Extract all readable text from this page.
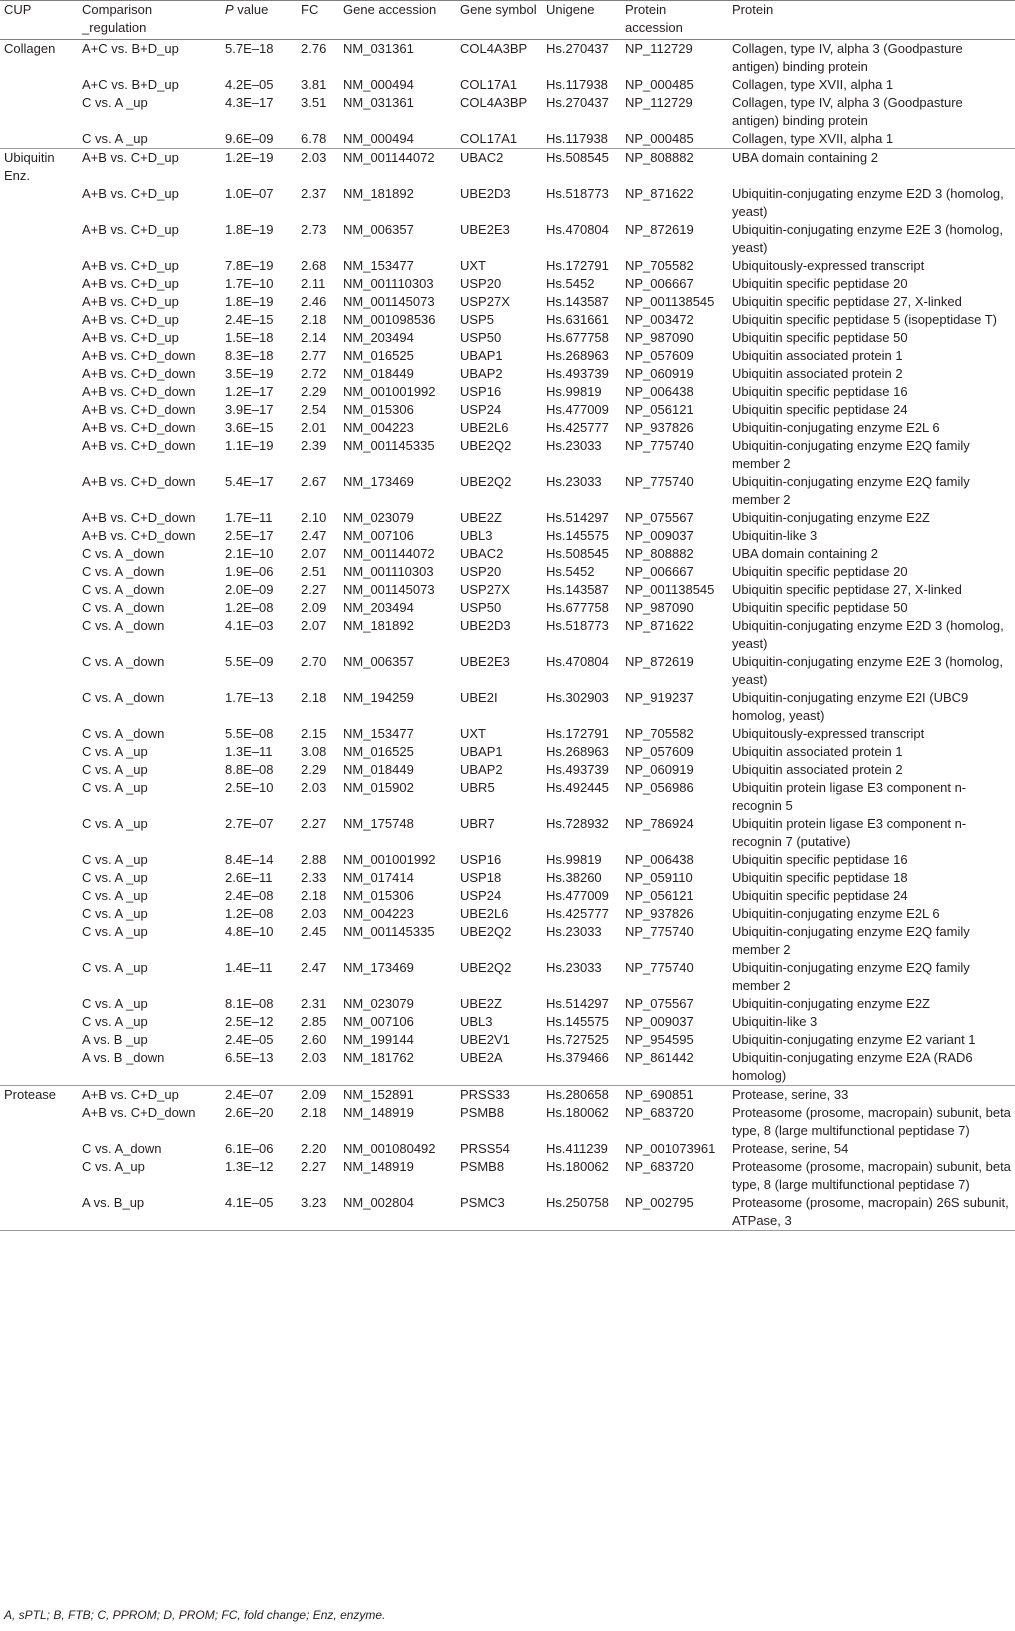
CUP	Comparison _regulation	P value	FC	Gene accession	Gene symbol	Unigene	Protein accession	Protein
Collagen	A+C vs. B+D_up	5.7E–18	2.76	NM_031361	COL4A3BP	Hs.270437	NP_112729	Collagen, type IV, alpha 3 (Goodpasture antigen) binding protein
	A+C vs. B+D_up	4.2E–05	3.81	NM_000494	COL17A1	Hs.117938	NP_000485	Collagen, type XVII, alpha 1
	C vs. A _up	4.3E–17	3.51	NM_031361	COL4A3BP	Hs.270437	NP_112729	Collagen, type IV, alpha 3 (Goodpasture antigen) binding protein
	C vs. A _up	9.6E–09	6.78	NM_000494	COL17A1	Hs.117938	NP_000485	Collagen, type XVII, alpha 1
Ubiquitin Enz.	A+B vs. C+D_up	1.2E–19	2.03	NM_001144072	UBAC2	Hs.508545	NP_808882	UBA domain containing 2
	A+B vs. C+D_up	1.0E–07	2.37	NM_181892	UBE2D3	Hs.518773	NP_871622	Ubiquitin-conjugating enzyme E2D 3 (homolog, yeast)
	A+B vs. C+D_up	1.8E–19	2.73	NM_006357	UBE2E3	Hs.470804	NP_872619	Ubiquitin-conjugating enzyme E2E 3 (homolog, yeast)
	A+B vs. C+D_up	7.8E–19	2.68	NM_153477	UXT	Hs.172791	NP_705582	Ubiquitously-expressed transcript
	A+B vs. C+D_up	1.7E–10	2.11	NM_001110303	USP20	Hs.5452	NP_006667	Ubiquitin specific peptidase 20
	A+B vs. C+D_up	1.8E–19	2.46	NM_001145073	USP27X	Hs.143587	NP_001138545	Ubiquitin specific peptidase 27, X-linked
	A+B vs. C+D_up	2.4E–15	2.18	NM_001098536	USP5	Hs.631661	NP_003472	Ubiquitin specific peptidase 5 (isopeptidase T)
	A+B vs. C+D_up	1.5E–18	2.14	NM_203494	USP50	Hs.677758	NP_987090	Ubiquitin specific peptidase 50
	A+B vs. C+D_down	8.3E–18	2.77	NM_016525	UBAP1	Hs.268963	NP_057609	Ubiquitin associated protein 1
	A+B vs. C+D_down	3.5E–19	2.72	NM_018449	UBAP2	Hs.493739	NP_060919	Ubiquitin associated protein 2
	A+B vs. C+D_down	1.2E–17	2.29	NM_001001992	USP16	Hs.99819	NP_006438	Ubiquitin specific peptidase 16
	A+B vs. C+D_down	3.9E–17	2.54	NM_015306	USP24	Hs.477009	NP_056121	Ubiquitin specific peptidase 24
	A+B vs. C+D_down	3.6E–15	2.01	NM_004223	UBE2L6	Hs.425777	NP_937826	Ubiquitin-conjugating enzyme E2L 6
	A+B vs. C+D_down	1.1E–19	2.39	NM_001145335	UBE2Q2	Hs.23033	NP_775740	Ubiquitin-conjugating enzyme E2Q family member 2
	A+B vs. C+D_down	5.4E–17	2.67	NM_173469	UBE2Q2	Hs.23033	NP_775740	Ubiquitin-conjugating enzyme E2Q family member 2
	A+B vs. C+D_down	1.7E–11	2.10	NM_023079	UBE2Z	Hs.514297	NP_075567	Ubiquitin-conjugating enzyme E2Z
	A+B vs. C+D_down	2.5E–17	2.47	NM_007106	UBL3	Hs.145575	NP_009037	Ubiquitin-like 3
	C vs. A _down	2.1E–10	2.07	NM_001144072	UBAC2	Hs.508545	NP_808882	UBA domain containing 2
	C vs. A _down	1.9E–06	2.51	NM_001110303	USP20	Hs.5452	NP_006667	Ubiquitin specific peptidase 20
	C vs. A _down	2.0E–09	2.27	NM_001145073	USP27X	Hs.143587	NP_001138545	Ubiquitin specific peptidase 27, X-linked
	C vs. A _down	1.2E–08	2.09	NM_203494	USP50	Hs.677758	NP_987090	Ubiquitin specific peptidase 50
	C vs. A _down	4.1E–03	2.07	NM_181892	UBE2D3	Hs.518773	NP_871622	Ubiquitin-conjugating enzyme E2D 3 (homolog, yeast)
	C vs. A _down	5.5E–09	2.70	NM_006357	UBE2E3	Hs.470804	NP_872619	Ubiquitin-conjugating enzyme E2E 3 (homolog, yeast)
	C vs. A _down	1.7E–13	2.18	NM_194259	UBE2I	Hs.302903	NP_919237	Ubiquitin-conjugating enzyme E2I (UBC9 homolog, yeast)
	C vs. A _down	5.5E–08	2.15	NM_153477	UXT	Hs.172791	NP_705582	Ubiquitously-expressed transcript
	C vs. A _up	1.3E–11	3.08	NM_016525	UBAP1	Hs.268963	NP_057609	Ubiquitin associated protein 1
	C vs. A _up	8.8E–08	2.29	NM_018449	UBAP2	Hs.493739	NP_060919	Ubiquitin associated protein 2
	C vs. A _up	2.5E–10	2.03	NM_015902	UBR5	Hs.492445	NP_056986	Ubiquitin protein ligase E3 component n-recognin 5
	C vs. A _up	2.7E–07	2.27	NM_175748	UBR7	Hs.728932	NP_786924	Ubiquitin protein ligase E3 component n-recognin 7 (putative)
	C vs. A _up	8.4E–14	2.88	NM_001001992	USP16	Hs.99819	NP_006438	Ubiquitin specific peptidase 16
	C vs. A _up	2.6E–11	2.33	NM_017414	USP18	Hs.38260	NP_059110	Ubiquitin specific peptidase 18
	C vs. A _up	2.4E–08	2.18	NM_015306	USP24	Hs.477009	NP_056121	Ubiquitin specific peptidase 24
	C vs. A _up	1.2E–08	2.03	NM_004223	UBE2L6	Hs.425777	NP_937826	Ubiquitin-conjugating enzyme E2L 6
	C vs. A _up	4.8E–10	2.45	NM_001145335	UBE2Q2	Hs.23033	NP_775740	Ubiquitin-conjugating enzyme E2Q family member 2
	C vs. A _up	1.4E–11	2.47	NM_173469	UBE2Q2	Hs.23033	NP_775740	Ubiquitin-conjugating enzyme E2Q family member 2
	C vs. A _up	8.1E–08	2.31	NM_023079	UBE2Z	Hs.514297	NP_075567	Ubiquitin-conjugating enzyme E2Z
	C vs. A _up	2.5E–12	2.85	NM_007106	UBL3	Hs.145575	NP_009037	Ubiquitin-like 3
	A vs. B _up	2.4E–05	2.60	NM_199144	UBE2V1	Hs.727525	NP_954595	Ubiquitin-conjugating enzyme E2 variant 1
	A vs. B _down	6.5E–13	2.03	NM_181762	UBE2A	Hs.379466	NP_861442	Ubiquitin-conjugating enzyme E2A (RAD6 homolog)
Protease	A+B vs. C+D_up	2.4E–07	2.09	NM_152891	PRSS33	Hs.280658	NP_690851	Protease, serine, 33
	A+B vs. C+D_down	2.6E–20	2.18	NM_148919	PSMB8	Hs.180062	NP_683720	Proteasome (prosome, macropain) subunit, beta type, 8 (large multifunctional peptidase 7)
	C vs. A_down	6.1E–06	2.20	NM_001080492	PRSS54	Hs.411239	NP_001073961	Protease, serine, 54
	C vs. A_up	1.3E–12	2.27	NM_148919	PSMB8	Hs.180062	NP_683720	Proteasome (prosome, macropain) subunit, beta type, 8 (large multifunctional peptidase 7)
	A vs. B_up	4.1E–05	3.23	NM_002804	PSMC3	Hs.250758	NP_002795	Proteasome (prosome, macropain) 26S subunit, ATPase, 3
A, sPTL; B, FTB; C, PPROM; D, PROM; FC, fold change; Enz, enzyme.
